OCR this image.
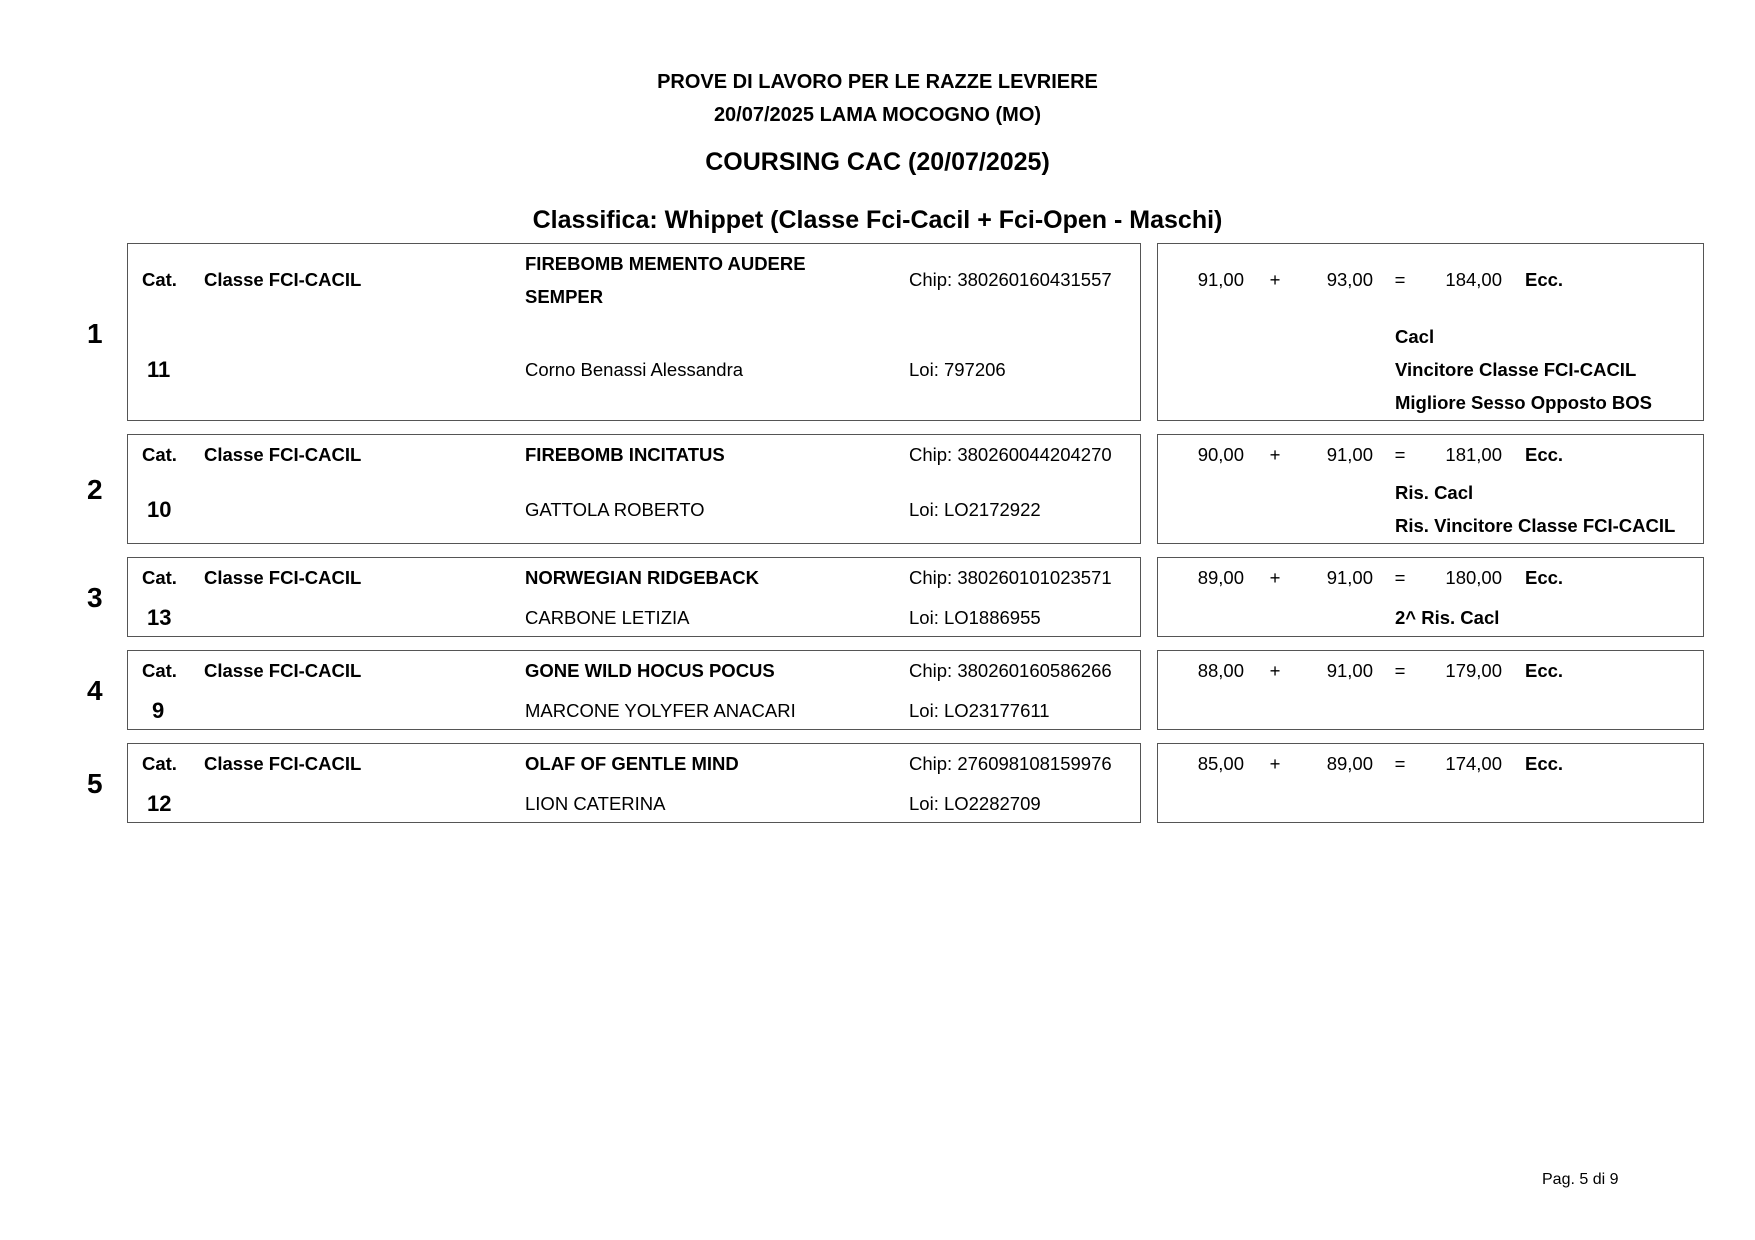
PROVE DI LAVORO PER LE RAZZE LEVRIERE
20/07/2025 LAMA MOCOGNO (MO)
COURSING CAC (20/07/2025)
Classifica: Whippet (Classe Fci-Cacil + Fci-Open - Maschi)
1
Cat. Classe FCI-CACIL
FIREBOMB MEMENTO AUDERE
SEMPER
Chip: 380260160431557
11	Corno Benassi Alessandra	Loi: 797206
91,00 +	93,00 =	184,00 Ecc.
Cacl
Vincitore Classe FCI-CACIL
Migliore Sesso Opposto BOS
2
Cat. Classe FCI-CACIL	FIREBOMB INCITATUS	Chip: 380260044204270
10	GATTOLA ROBERTO	Loi: LO2172922
90,00 +	91,00 =	181,00 Ecc.
Ris. Cacl
Ris. Vincitore Classe FCI-CACIL
3
Cat. Classe FCI-CACIL	NORWEGIAN RIDGEBACK	Chip: 380260101023571
13	CARBONE LETIZIA	Loi: LO1886955
89,00 +	91,00 =	180,00 Ecc.
2^ Ris. Cacl
4
Cat. Classe FCI-CACIL	GONE WILD HOCUS POCUS	Chip: 380260160586266
9	MARCONE YOLYFER ANACARI	Loi: LO23177611
88,00 +	91,00 =	179,00 Ecc.
5
Cat. Classe FCI-CACIL	OLAF OF GENTLE MIND	Chip: 276098108159976
12	LION CATERINA	Loi: LO2282709
85,00 +	89,00 =	174,00 Ecc.
Pag. 5 di 9
